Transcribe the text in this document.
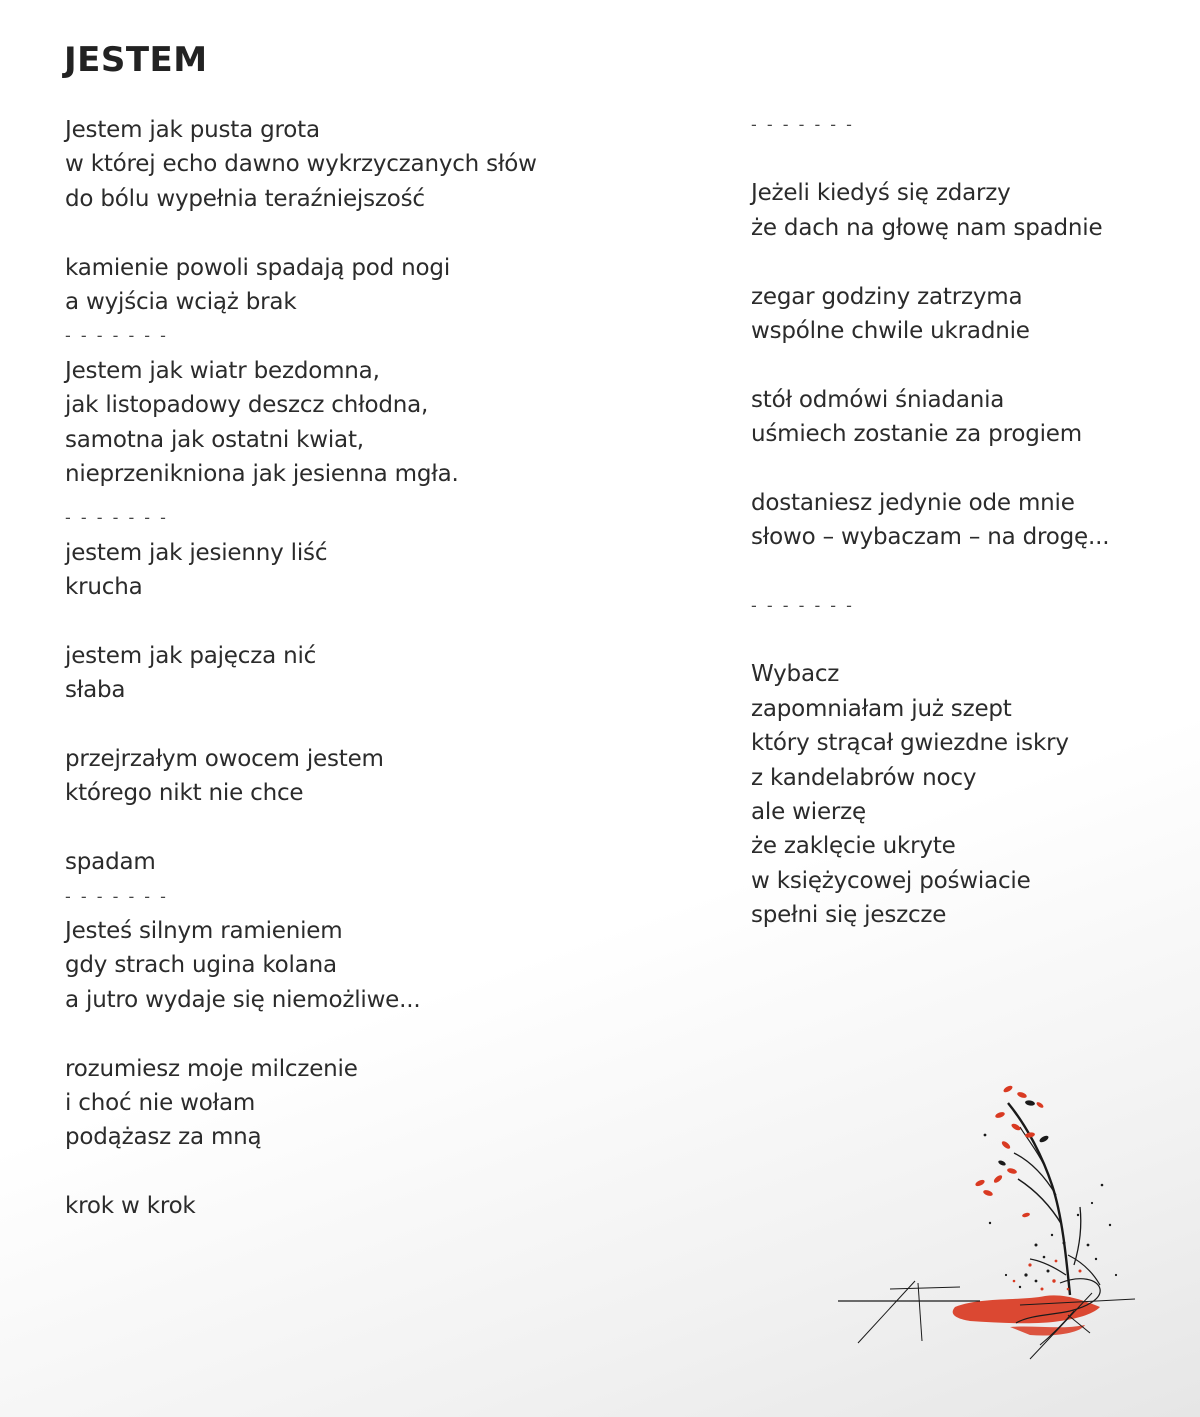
JESTEM
Jestem jak pusta grota
w której echo dawno wykrzyczanych słów
do bólu wypełnia teraźniejszość
kamienie powoli spadają pod nogi
a wyjścia wciąż brak
- - - - - - -
Jestem jak wiatr bezdomna,
jak listopadowy deszcz chłodna,
samotna jak ostatni kwiat,
nieprzenikniona jak jesienna mgła.
- - - - - - -
jestem jak jesienny liść
krucha
jestem jak pajęcza nić
słaba
przejrzałym owocem jestem
którego nikt nie chce
spadam
- - - - - - -
Jesteś silnym ramieniem
gdy strach ugina kolana
a jutro wydaje się niemożliwe...
rozumiesz moje milczenie
i choć nie wołam
podążasz za mną
krok w krok
- - - - - - -
Jeżeli kiedyś się zdarzy
że dach na głowę nam spadnie
zegar godziny zatrzyma
wspólne chwile ukradnie
stół odmówi śniadania
uśmiech zostanie za progiem
dostaniesz jedynie ode mnie
słowo – wybaczam – na drogę...
- - - - - - -
Wybacz
zapomniałam już szept
który strącał gwiezdne iskry
z kandelabrów nocy
ale wierzę
że zaklęcie ukryte
w księżycowej poświacie
spełni się jeszcze
